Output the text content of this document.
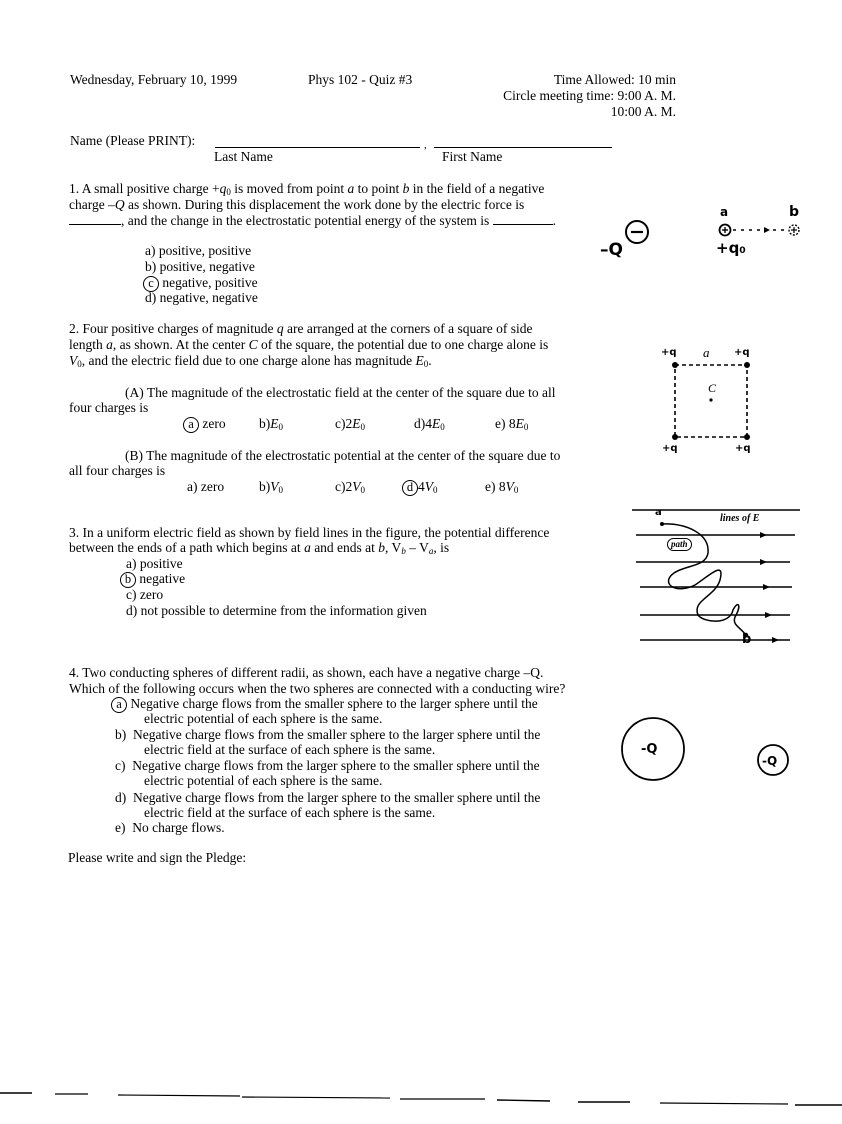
Wednesday, February 10, 1999	Phys 102 - Quiz #3	Time Allowed: 10 min
Circle meeting time: 9:00 A. M.
10:00 A. M.
Name (Please PRINT):	,
Last Name	First Name
1. A small positive charge $+q_0$ is moved from point a to point b in the field of a negative
charge –Q as shown. During this displacement the work done by the electric force is
, and the change in the electrostatic potential energy of the system is	.
a) positive, positive
b) positive, negative
c negative, positive
d) negative, negative
–Q
a	b
+q₀
2. Four positive charges of magnitude q are arranged at the corners of a square of side
length a, as shown. At the center C of the square, the potential due to one charge alone is
$V_0$, and the electric field due to one charge alone has magnitude $E_0$.
(A) The magnitude of the electrostatic field at the center of the square due to all
four charges is
a zero $b)E_0$	$c)2E_0$	$d)4E_0$	e) $8E_0$
(B) The magnitude of the electrostatic potential at the center of the square due to
all four charges is
a) zero	$b)V_0$	$c)2V_0$	d $4V_0$	e) $8V_0$
+q	+q
+q	+q
a
C
3. In a uniform electric field as shown by field lines in the figure, the potential difference
between the ends of a path which begins at a and ends at b, $V_b - V_a$, is
a) positive
b negative
c) zero
d) not possible to determine from the information given
a
b
lines of E
path
4. Two conducting spheres of different radii, as shown, each have a negative charge –Q.
Which of the following occurs when the two spheres are connected with a conducting wire?
a Negative charge flows from the smaller sphere to the larger sphere until the
electric potential of each sphere is the same.
b) Negative charge flows from the smaller sphere to the larger sphere until the
electric field at the surface of each sphere is the same.
c) Negative charge flows from the larger sphere to the smaller sphere until the
electric potential of each sphere is the same.
d) Negative charge flows from the larger sphere to the smaller sphere until the
electric field at the surface of each sphere is the same.
e) No charge flows.
-Q
-Q
Please write and sign the Pledge:
